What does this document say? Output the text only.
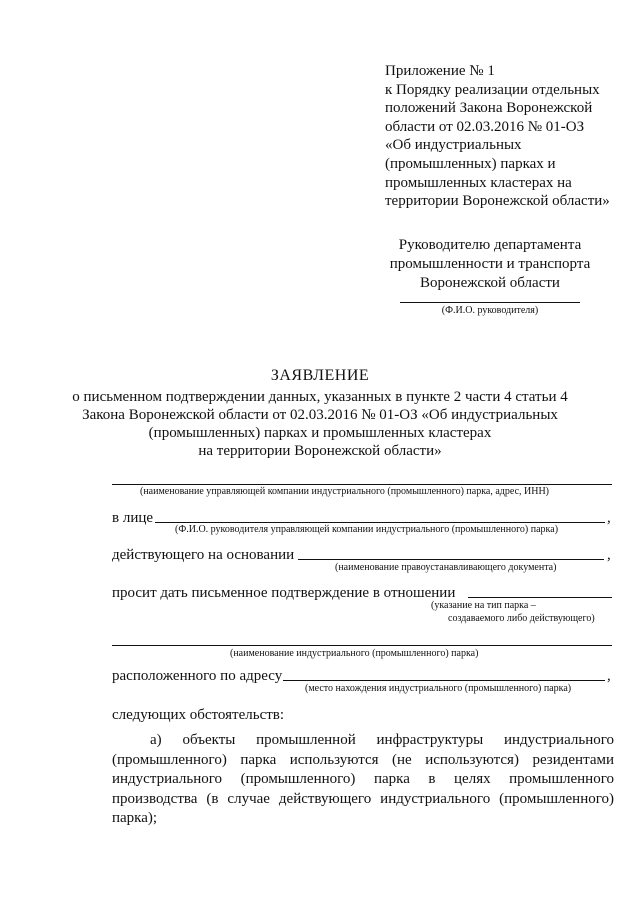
Приложение № 1
к Порядку реализации отдельных
положений Закона Воронежской
области от 02.03.2016 № 01-ОЗ
«Об индустриальных
(промышленных) парках и
промышленных кластерах на
территории Воронежской области»
Руководителю департамента
промышленности и транспорта
Воронежской области
(Ф.И.О. руководителя)
ЗАЯВЛЕНИЕ
о письменном подтверждении данных, указанных в пункте 2 части 4 статьи 4
Закона Воронежской области от 02.03.2016 № 01-ОЗ «Об индустриальных
(промышленных) парках и промышленных кластерах
на территории Воронежской области»
(наименование управляющей компании индустриального (промышленного) парка, адрес, ИНН)
в лице	,
(Ф.И.О. руководителя управляющей компании индустриального (промышленного) парка)
действующего на основании	,
(наименование правоустанавливающего документа)
просит дать письменное подтверждение в отношении
(указание на тип парка –
создаваемого либо действующего)
(наименование индустриального (промышленного) парка)
расположенного по адресу	,
(место нахождения индустриального (промышленного) парка)
следующих обстоятельств:
а) объекты промышленной инфраструктуры индустриального (промышленного) парка используются (не используются) резидентами индустриального (промышленного) парка в целях промышленного производства (в случае действующего индустриального (промышленного) парка);
